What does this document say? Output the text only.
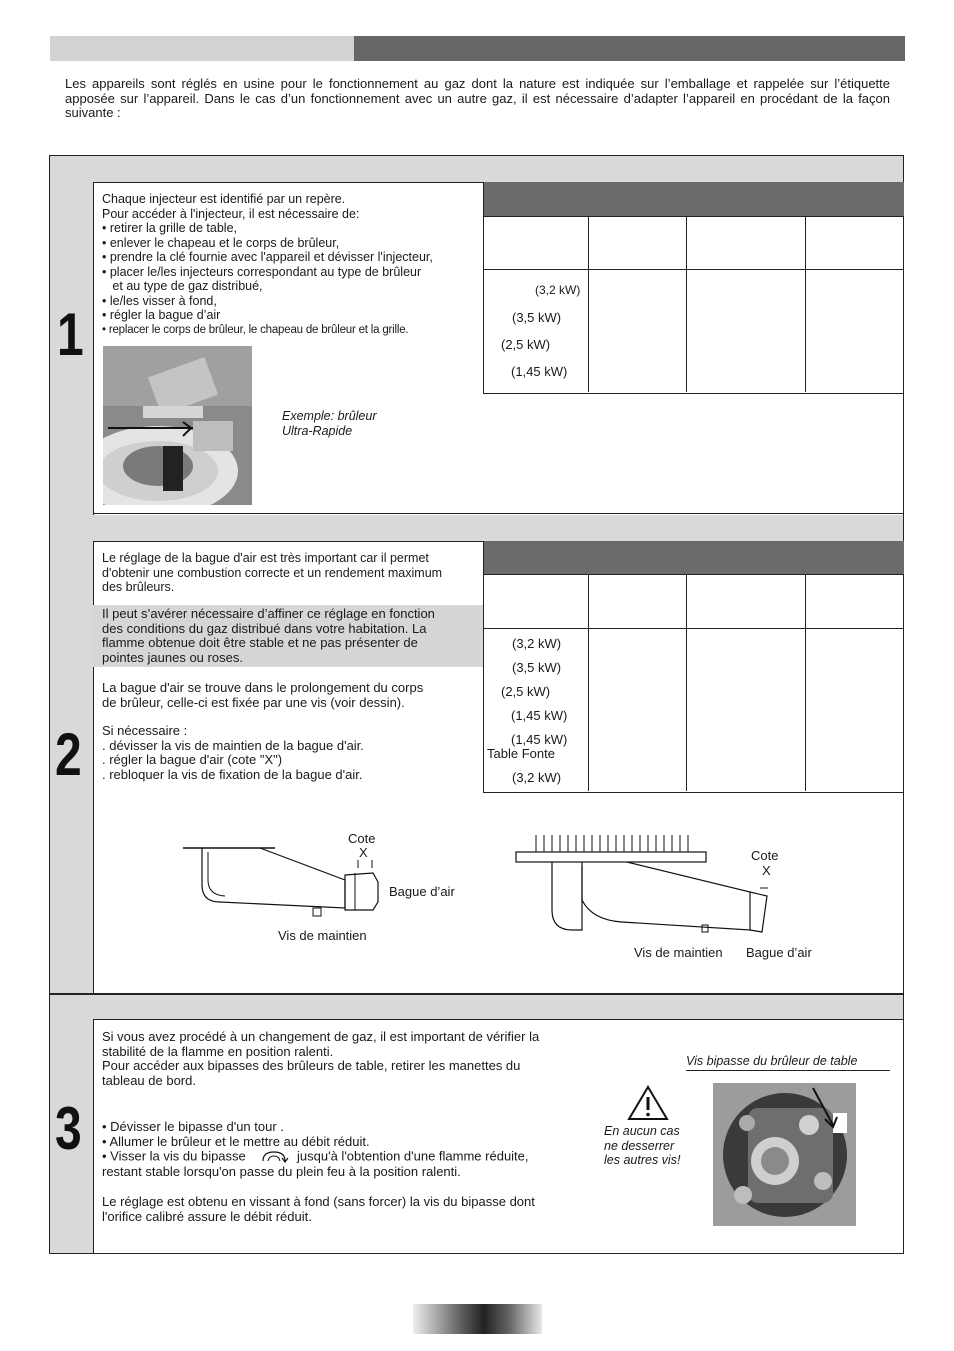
Les appareils sont réglés en usine pour le fonctionnement au gaz dont la nature est indiquée sur l’emballage et rappelée sur l’étiquette apposée sur l’appareil. Dans le cas d’un fonctionnement avec un autre gaz, il est nécessaire d’adapter l’appareil en procédant de la façon suivante :
1
Chaque injecteur est identifié par un repère.
Pour accéder à l'injecteur, il est nécessaire de:
• retirer la grille de table,
• enlever le chapeau et le corps de brûleur,
• prendre la clé fournie avec l'appareil et dévisser l'injecteur,
• placer le/les injecteurs correspondant au type de brûleur
et au type de gaz distribué,
• le/les visser à fond,
• régler la bague d’air
• replacer le corps de brûleur, le chapeau de brûleur et la grille.
Exemple: brûleur
Ultra-Rapide
(3,2 kW)
(3,5 kW)
(2,5 kW)
(1,45 kW)
2
Le réglage de la bague d'air est très important car il permet
d'obtenir une combustion correcte et un rendement maximum
des brûleurs.
Il peut s’avérer nécessaire d’affiner ce réglage en fonction
des conditions du gaz distribué dans votre habitation. La
flamme obtenue doit être stable et ne pas présenter de
pointes jaunes ou roses.
La bague d'air se trouve dans le prolongement du corps
de brûleur, celle-ci est fixée par une vis (voir dessin).
Si nécessaire :
. dévisser la vis de maintien de la bague d'air.
. régler la bague d'air (cote "X")
. rebloquer la vis de fixation de la bague d'air.
(3,2 kW)
(3,5 kW)
(2,5 kW)
(1,45 kW)
(1,45 kW)
Table Fonte
(3,2 kW)
Cote
X
Bague d’air
Vis de maintien
Cote
X
Vis de maintien Bague d’air
3
Si vous avez procédé à un changement de gaz, il est important de vérifier la
stabilité de la flamme en position ralenti.
Pour accéder aux bipasses des brûleurs de table, retirer les manettes du
tableau de bord.
• Dévisser le bipasse d'un tour .
• Allumer le brûleur et le mettre au débit réduit.
• Visser la vis du bipasse	jusqu'à l'obtention d'une flamme réduite,
restant stable lorsqu'on passe du plein feu à la position ralenti.
Le réglage est obtenu en vissant à fond (sans forcer) la vis du bipasse dont
l'orifice calibré assure le débit réduit.
En aucun cas
ne desserrer
les autres vis!
Vis bipasse du brûleur de table
